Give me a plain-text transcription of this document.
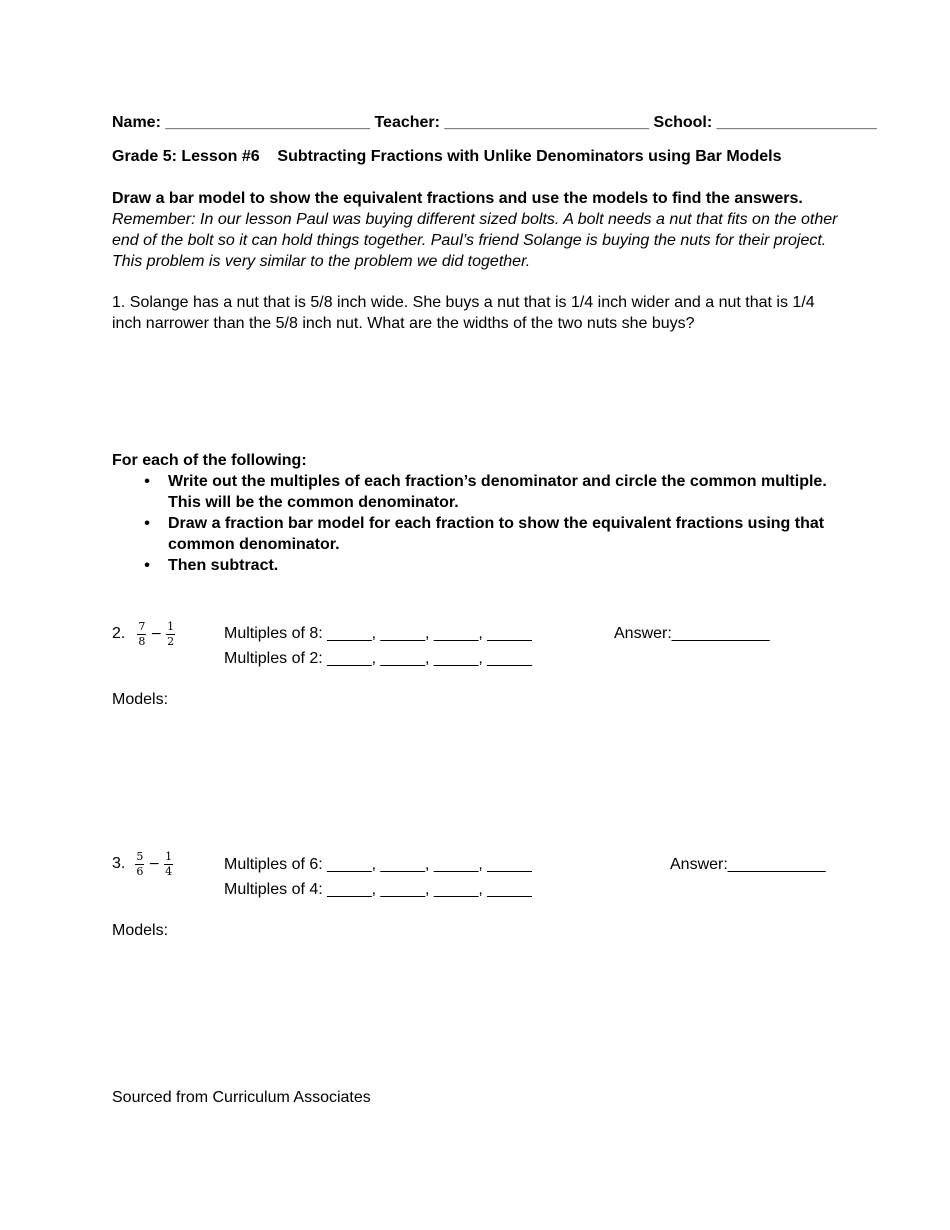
Name: _______________________ Teacher: _______________________ School: __________________
Grade 5: Lesson #6    Subtracting Fractions with Unlike Denominators using Bar Models
Draw a bar model to show the equivalent fractions and use the models to find the answers.
Remember: In our lesson Paul was buying different sized bolts. A bolt needs a nut that fits on the other end of the bolt so it can hold things together. Paul’s friend Solange is buying the nuts for their project. This problem is very similar to the problem we did together.
1. Solange has a nut that is 5/8 inch wide. She buys a nut that is 1/4 inch wider and a nut that is 1/4 inch narrower than the 5/8 inch nut. What are the widths of the two nuts she buys?
For each of the following:
• Write out the multiples of each fraction’s denominator and circle the common multiple. This will be the common denominator.
• Draw a fraction bar model for each fraction to show the equivalent fractions using that common denominator.
• Then subtract.
2. $\frac{7}{8} - \frac{1}{2}$	Multiples of 8: _____, _____, _____, _____
Multiples of 2: _____, _____, _____, _____
Answer:___________
Models:
3. $\frac{5}{6} - \frac{1}{4}$	Multiples of 6: _____, _____, _____, _____
Multiples of 4: _____, _____, _____, _____
Answer:___________
Models:
Sourced from Curriculum Associates
